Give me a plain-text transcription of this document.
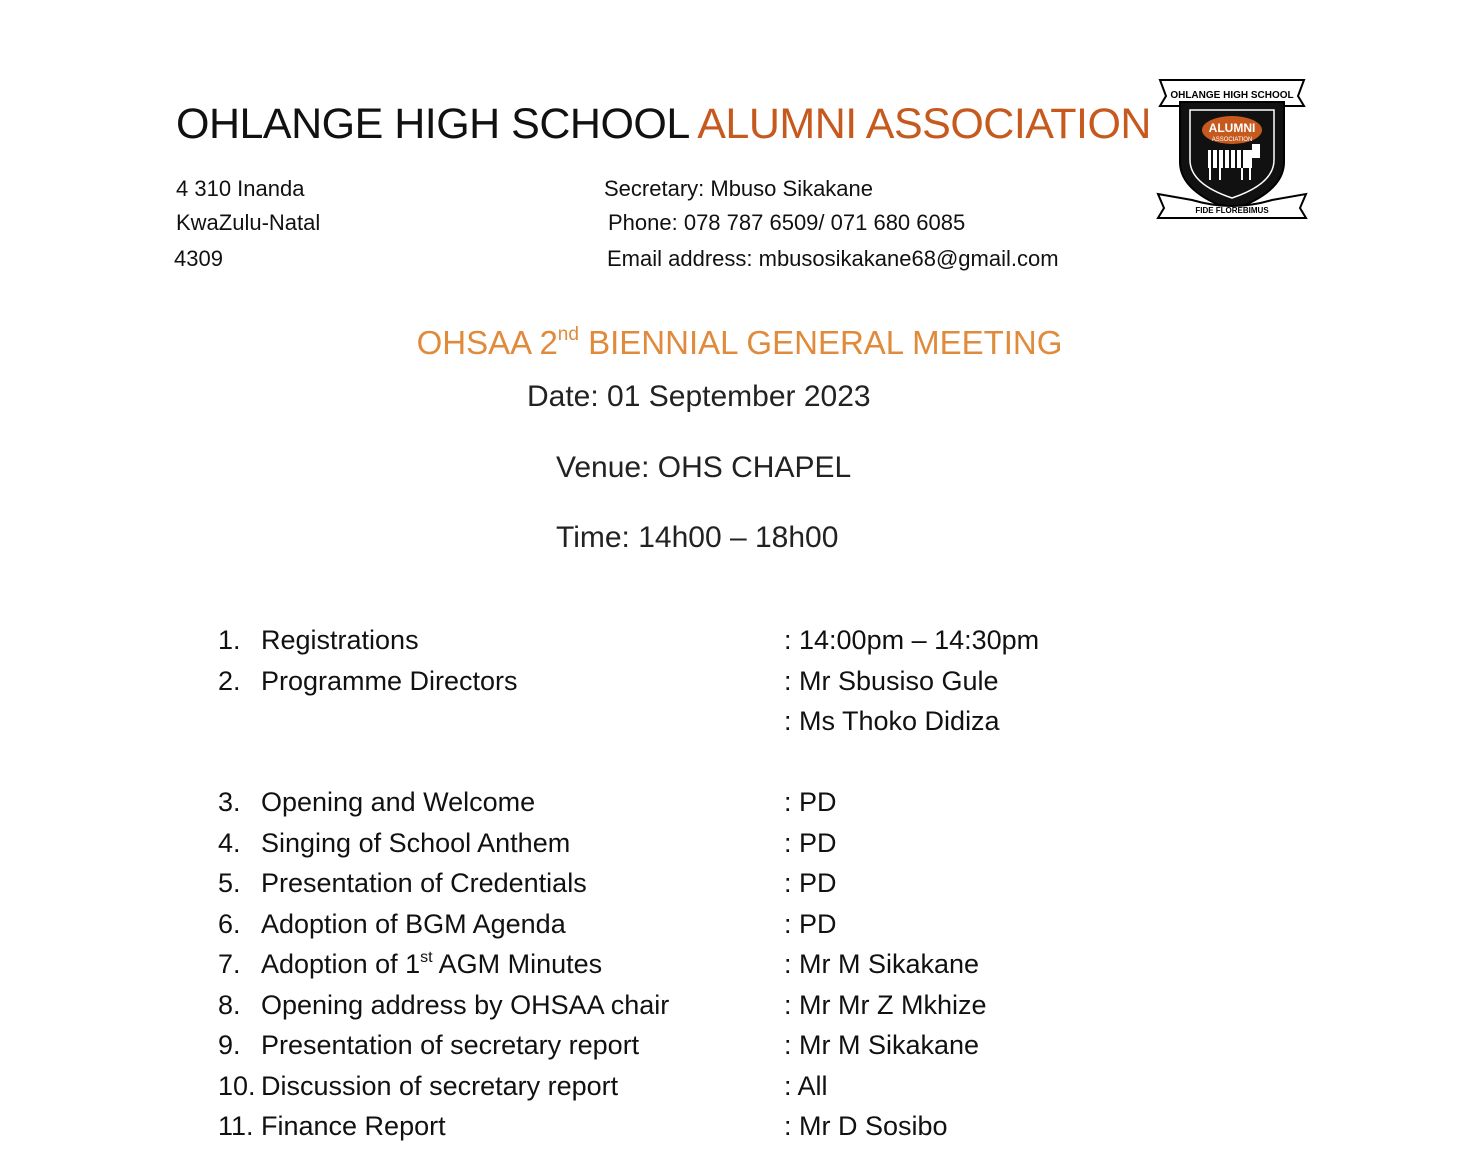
OHLANGE HIGH SCHOOL ALUMNI ASSOCIATION
OHLANGE HIGH SCHOOL
ALUMNI
ASSOCIATION
FIDE FLOREBIMUS
4 310 Inanda
KwaZulu-Natal
4309
Secretary: Mbuso Sikakane
Phone: 078 787 6509/ 071 680 6085
Email address: mbusosikakane68@gmail.com
OHSAA 2nd BIENNIAL GENERAL MEETING
Date: 01 September 2023
Venue: OHS CHAPEL
Time: 14h00 – 18h00
1. Registrations	: 14:00pm – 14:30pm
2. Programme Directors	: Mr Sbusiso Gule
: Ms Thoko Didiza
3. Opening and Welcome	: PD
4. Singing of School Anthem	: PD
5. Presentation of Credentials	: PD
6. Adoption of BGM Agenda	: PD
7. Adoption of 1st AGM Minutes	: Mr M Sikakane
8. Opening address by OHSAA chair	: Mr Mr Z Mkhize
9. Presentation of secretary report	: Mr M Sikakane
10. Discussion of secretary report	: All
11. Finance Report	: Mr D Sosibo
